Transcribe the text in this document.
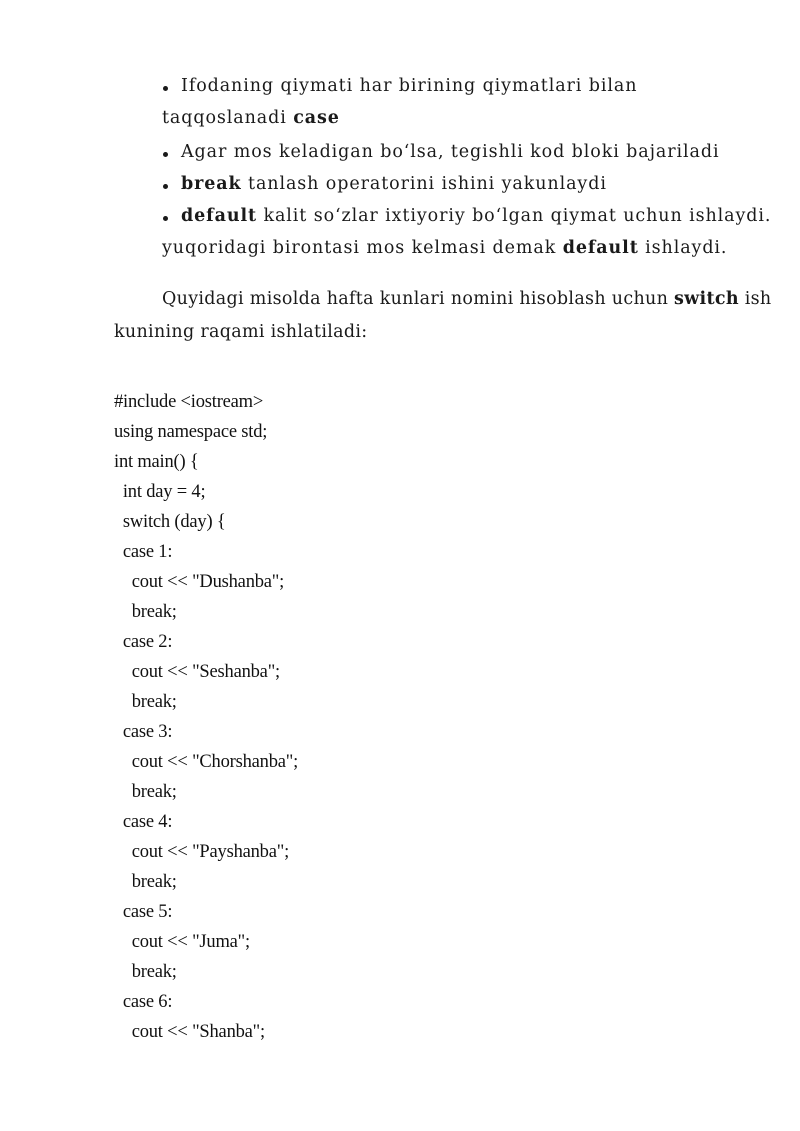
Ifodaning qiymati har birining qiymatlari bilan
taqqoslanadi case
Agar mos keladigan bo‘lsa, tegishli kod bloki bajariladi
break tanlash operatorini ishini yakunlaydi
default kalit so‘zlar ixtiyoriy bo‘lgan qiymat uchun ishlaydi.
yuqoridagi birontasi mos kelmasi demak default ishlaydi.
Quyidagi misolda hafta kunlari nomini hisoblash uchun switch ish
kunining raqami ishlatiladi:
#include <iostream>
using namespace std;
int main() {
int day = 4;
switch (day) {
case 1:
cout << "Dushanba";
break;
case 2:
cout << "Seshanba";
break;
case 3:
cout << "Chorshanba";
break;
case 4:
cout << "Payshanba";
break;
case 5:
cout << "Juma";
break;
case 6:
cout << "Shanba";
